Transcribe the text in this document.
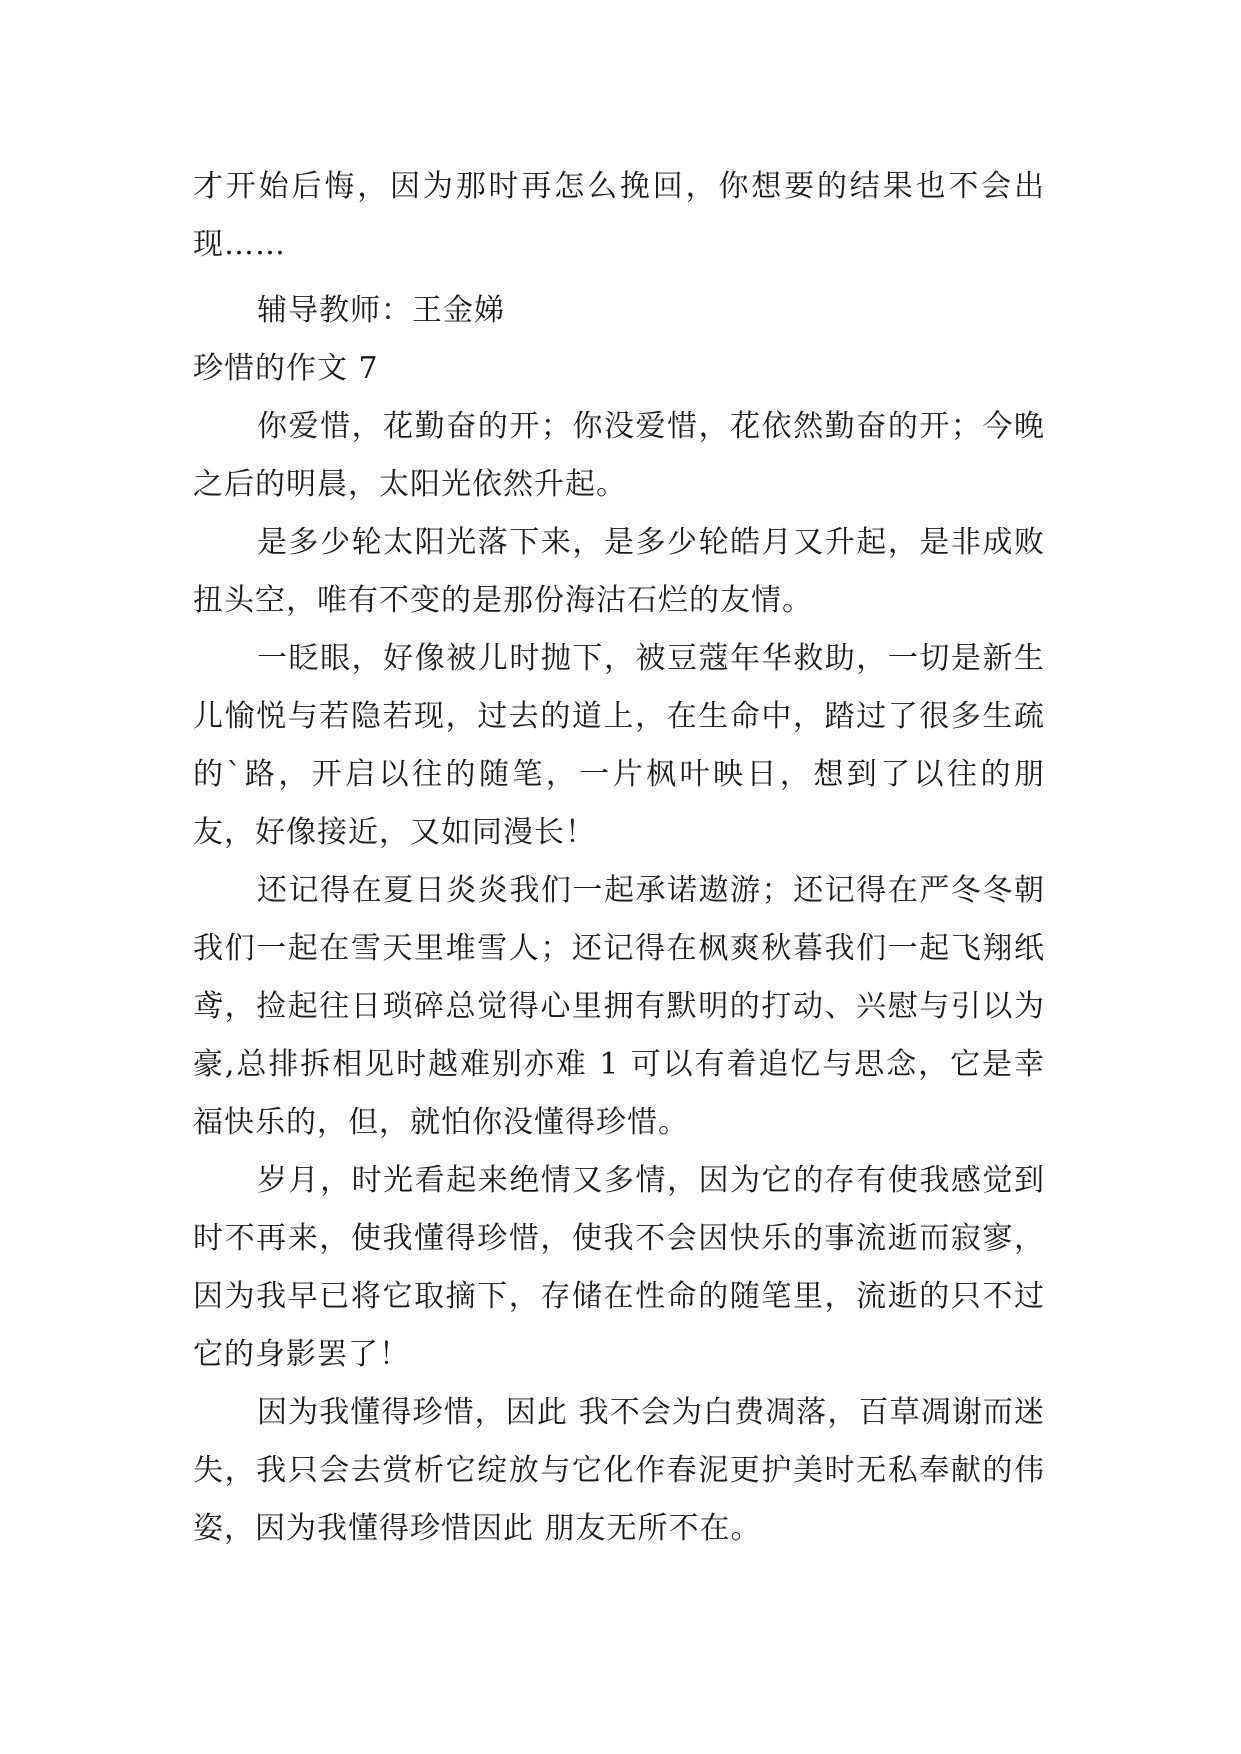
才开始后悔，因为那时再怎么挽回，你想要的结果也不会出现……

辅导教师：王金娣

珍惜的作文 7

你爱惜，花勤奋的开；你没爱惜，花依然勤奋的开；今晚之后的明晨，太阳光依然升起。

是多少轮太阳光落下来，是多少轮皓月又升起，是非成败扭头空，唯有不变的是那份海沽石烂的友情。

一眨眼，好像被儿时抛下，被豆蔻年华救助，一切是新生儿愉悦与若隐若现，过去的道上，在生命中，踏过了很多生疏的`路，开启以往的随笔，一片枫叶映日，想到了以往的朋友，好像接近，又如同漫长！

还记得在夏日炎炎我们一起承诺遨游；还记得在严冬冬朝我们一起在雪天里堆雪人；还记得在枫爽秋暮我们一起飞翔纸鸢，捡起往日琐碎总觉得心里拥有默明的打动、兴慰与引以为豪,总排拆相见时越难别亦难 1 可以有着追忆与思念，它是幸福快乐的，但，就怕你没懂得珍惜。

岁月，时光看起来绝情又多情，因为它的存有使我感觉到时不再来，使我懂得珍惜，使我不会因快乐的事流逝而寂寥，因为我早已将它取摘下，存储在性命的随笔里，流逝的只不过它的身影罢了！

因为我懂得珍惜，因此 我不会为白费凋落，百草凋谢而迷失，我只会去赏析它绽放与它化作春泥更护美时无私奉献的伟姿，因为我懂得珍惜因此 朋友无所不在。
